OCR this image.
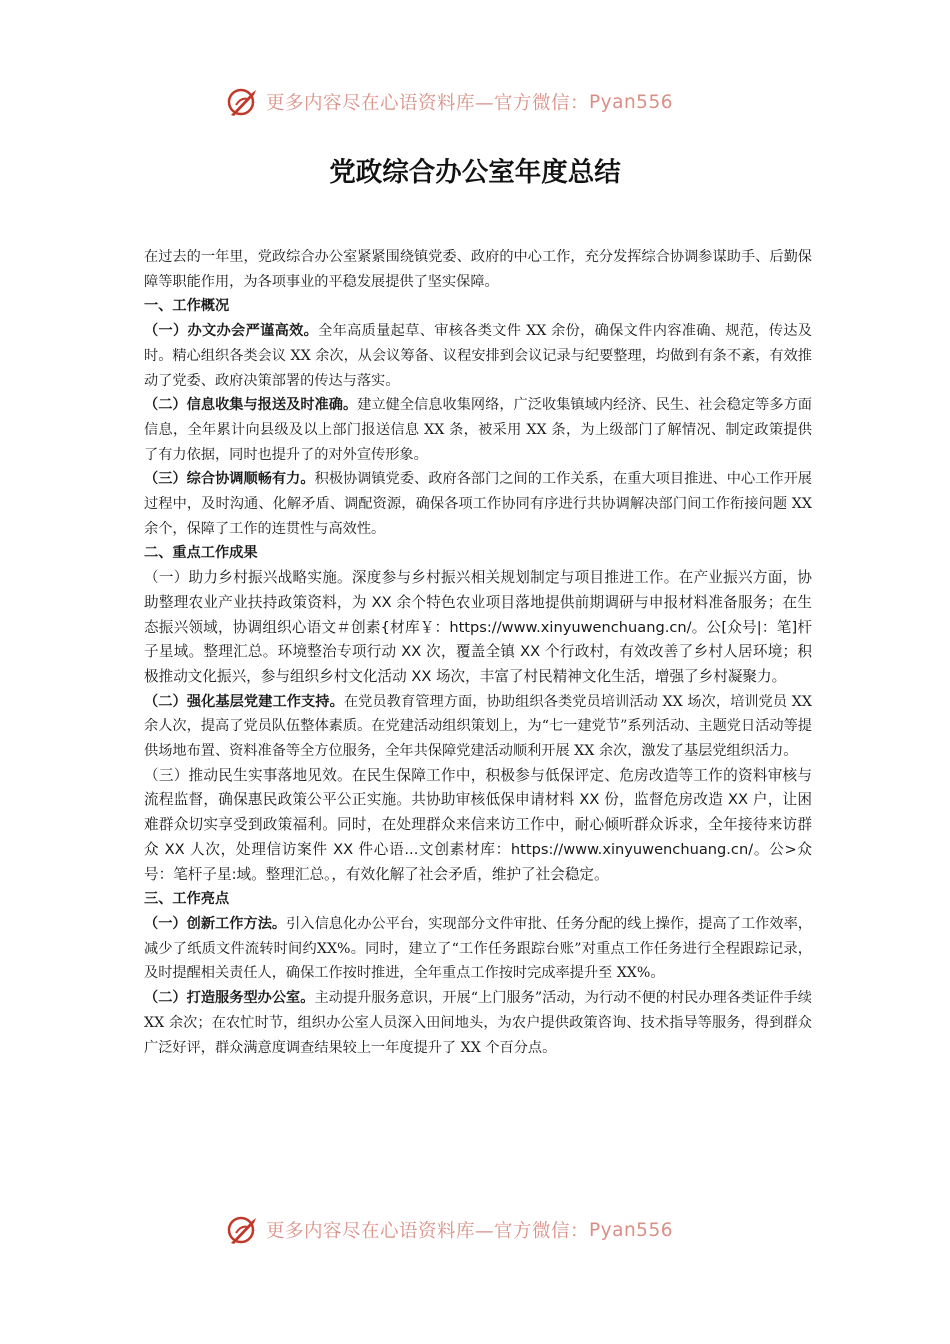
更多内容尽在心语资料库—官方微信： Pyan556
党政综合办公室年度总结

在过去的一年里，党政综合办公室紧紧围绕镇党委、政府的中心工作，充分发挥综合协调参谋助手、后勤保障等职能作用，为各项事业的平稳发展提供了坚实保障。

一、工作概况

（一）办文办会严谨高效。全年高质量起草、审核各类文件 XX 余份，确保文件内容准确、规范，传达及时。精心组织各类会议 XX 余次，从会议筹备、议程安排到会议记录与纪要整理，均做到有条不紊，有效推动了党委、政府决策部署的传达与落实。

（二）信息收集与报送及时准确。建立健全信息收集网络，广泛收集镇域内经济、民生、社会稳定等多方面信息，全年累计向县级及以上部门报送信息 XX 条，被采用 XX 条，为上级部门了解情况、制定政策提供了有力依据，同时也提升了的对外宣传形象。

（三）综合协调顺畅有力。积极协调镇党委、政府各部门之间的工作关系，在重大项目推进、中心工作开展过程中，及时沟通、化解矛盾、调配资源，确保各项工作协同有序进行共协调解决部门间工作衔接问题 XX 余个，保障了工作的连贯性与高效性。

二、重点工作成果

（一）助力乡村振兴战略实施。深度参与乡村振兴相关规划制定与项目推进工作。在产业振兴方面，协助整理农业产业扶持政策资料，为 XX 余个特色农业项目落地提供前期调研与申报材料准备服务；在生态振兴领域，协调组织心语文＃创素{材库￥：https://www.xinyuwenchuang.cn/。公[众号|：笔]杆子星域。整理汇总。环境整治专项行动 XX 次，覆盖全镇 XX 个行政村，有效改善了乡村人居环境；积极推动文化振兴，参与组织乡村文化活动 XX 场次，丰富了村民精神文化生活，增强了乡村凝聚力。

（二）强化基层党建工作支持。在党员教育管理方面，协助组织各类党员培训活动 XX 场次，培训党员 XX 余人次，提高了党员队伍整体素质。在党建活动组织策划上，为“七一建党节”系列活动、主题党日活动等提供场地布置、资料准备等全方位服务，全年共保障党建活动顺利开展 XX 余次，激发了基层党组织活力。

（三）推动民生实事落地见效。在民生保障工作中，积极参与低保评定、危房改造等工作的资料审核与流程监督，确保惠民政策公平公正实施。共协助审核低保申请材料 XX 份，监督危房改造 XX 户，让困难群众切实享受到政策福利。同时，在处理群众来信来访工作中，耐心倾听群众诉求，全年接待来访群众 XX 人次，处理信访案件 XX 件心语...文创素材库：https://www.xinyuwenchuang.cn/。公>众号：笔杆子星:域。整理汇总。，有效化解了社会矛盾，维护了社会稳定。

三、工作亮点

（一）创新工作方法。引入信息化办公平台，实现部分文件审批、任务分配的线上操作，提高了工作效率，减少了纸质文件流转时间约XX%。同时，建立了“工作任务跟踪台账”对重点工作任务进行全程跟踪记录，及时提醒相关责任人，确保工作按时推进，全年重点工作按时完成率提升至 XX%。

（二）打造服务型办公室。主动提升服务意识，开展“上门服务”活动，为行动不便的村民办理各类证件手续 XX 余次；在农忙时节，组织办公室人员深入田间地头，为农户提供政策咨询、技术指导等服务，得到群众广泛好评，群众满意度调查结果较上一年度提升了 XX 个百分点。

更多内容尽在心语资料库—官方微信： Pyan556
